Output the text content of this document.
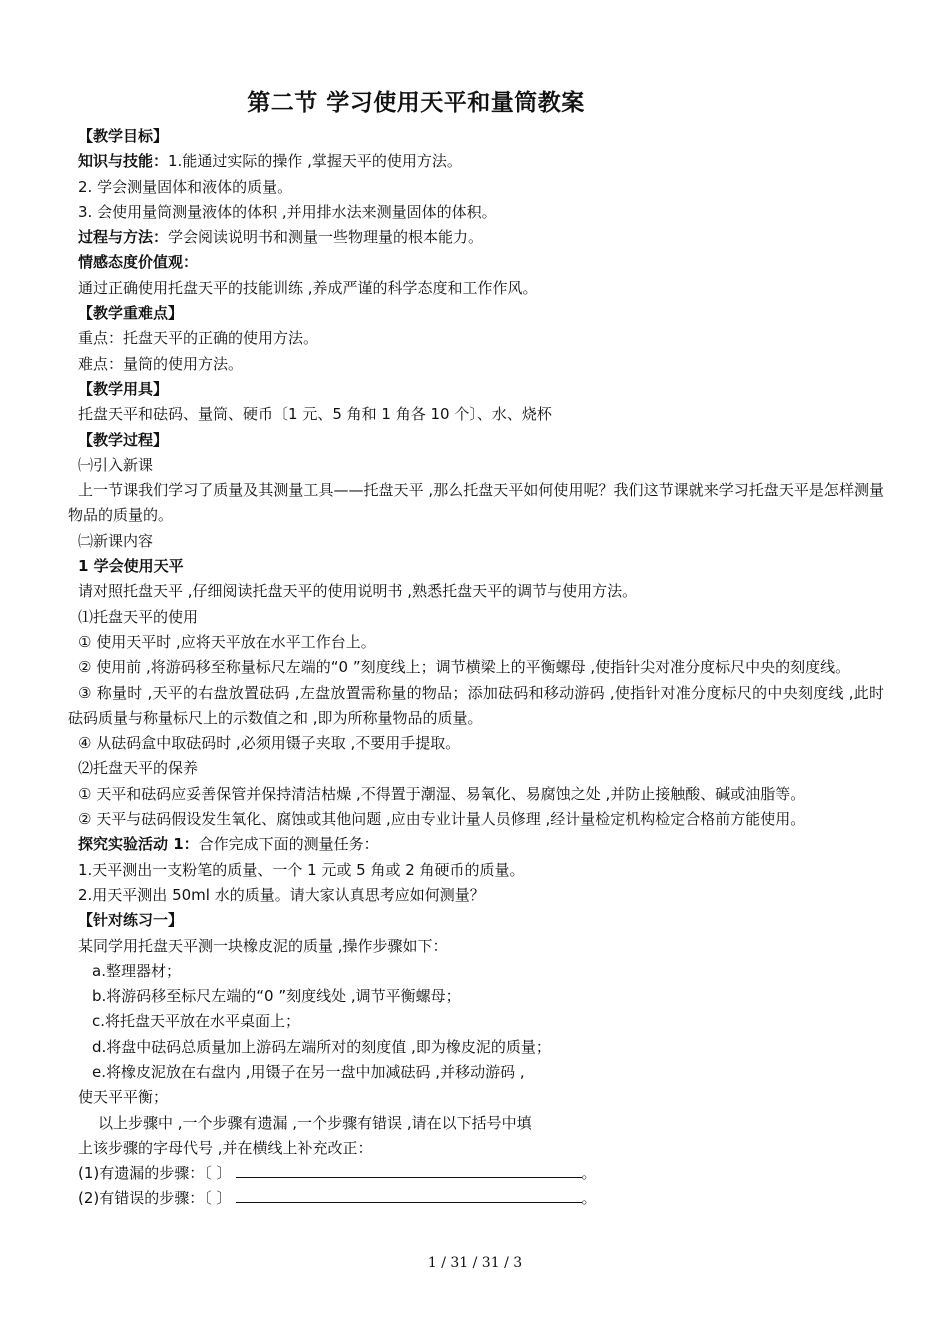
第二节 学习使用天平和量筒教案

【教学目标】

知识与技能：1.能通过实际的操作 ,掌握天平的使用方法。

2. 学会测量固体和液体的质量。

3. 会使用量筒测量液体的体积 ,并用排水法来测量固体的体积。

过程与方法：学会阅读说明书和测量一些物理量的根本能力。

情感态度价值观：

通过正确使用托盘天平的技能训练 ,养成严谨的科学态度和工作作风。

【教学重难点】

重点：托盘天平的正确的使用方法。

难点：量筒的使用方法。

【教学用具】

托盘天平和砝码、量筒、硬币〔1 元、5 角和 1 角各 10 个〕、水、烧杯

【教学过程】

㈠引入新课

上一节课我们学习了质量及其测量工具——托盘天平 ,那么托盘天平如何使用呢？我们这节课就来学习托盘天平是怎样测量物品的质量的。

㈡新课内容

1 学会使用天平

请对照托盘天平 ,仔细阅读托盘天平的使用说明书 ,熟悉托盘天平的调节与使用方法。

⑴托盘天平的使用

① 使用天平时 ,应将天平放在水平工作台上。

② 使用前 ,将游码移至称量标尺左端的“0 ”刻度线上；调节横梁上的平衡螺母 ,使指针尖对准分度标尺中央的刻度线。

③ 称量时 ,天平的右盘放置砝码 ,左盘放置需称量的物品；添加砝码和移动游码 ,使指针对准分度标尺的中央刻度线 ,此时砝码质量与称量标尺上的示数值之和 ,即为所称量物品的质量。

④ 从砝码盒中取砝码时 ,必须用镊子夹取 ,不要用手提取。

⑵托盘天平的保养

① 天平和砝码应妥善保管并保持清洁枯燥 ,不得置于潮湿、易氧化、易腐蚀之处 ,并防止接触酸、碱或油脂等。

② 天平与砝码假设发生氧化、腐蚀或其他问题 ,应由专业计量人员修理 ,经计量检定机构检定合格前方能使用。

探究实验活动 1：合作完成下面的测量任务：

1.天平测出一支粉笔的质量、一个 1 元或 5 角或 2 角硬币的质量。

2.用天平测出 50ml 水的质量。请大家认真思考应如何测量？

【针对练习一】

某同学用托盘天平测一块橡皮泥的质量 ,操作步骤如下：

a.整理器材；

b.将游码移至标尺左端的“0 ”刻度线处 ,调节平衡螺母；

c.将托盘天平放在水平桌面上；

d.将盘中砝码总质量加上游码左端所对的刻度值 ,即为橡皮泥的质量；

e.将橡皮泥放在右盘内 ,用镊子在另一盘中加减砝码 ,并移动游码 ,

使天平平衡；

以上步骤中 ,一个步骤有遗漏 ,一个步骤有错误 ,请在以下括号中填

上该步骤的字母代号 ,并在横线上补充改正：

(1)有遗漏的步骤：〔 〕	。

(2)有错误的步骤：〔 〕	。

1 / 31 / 31 / 3
